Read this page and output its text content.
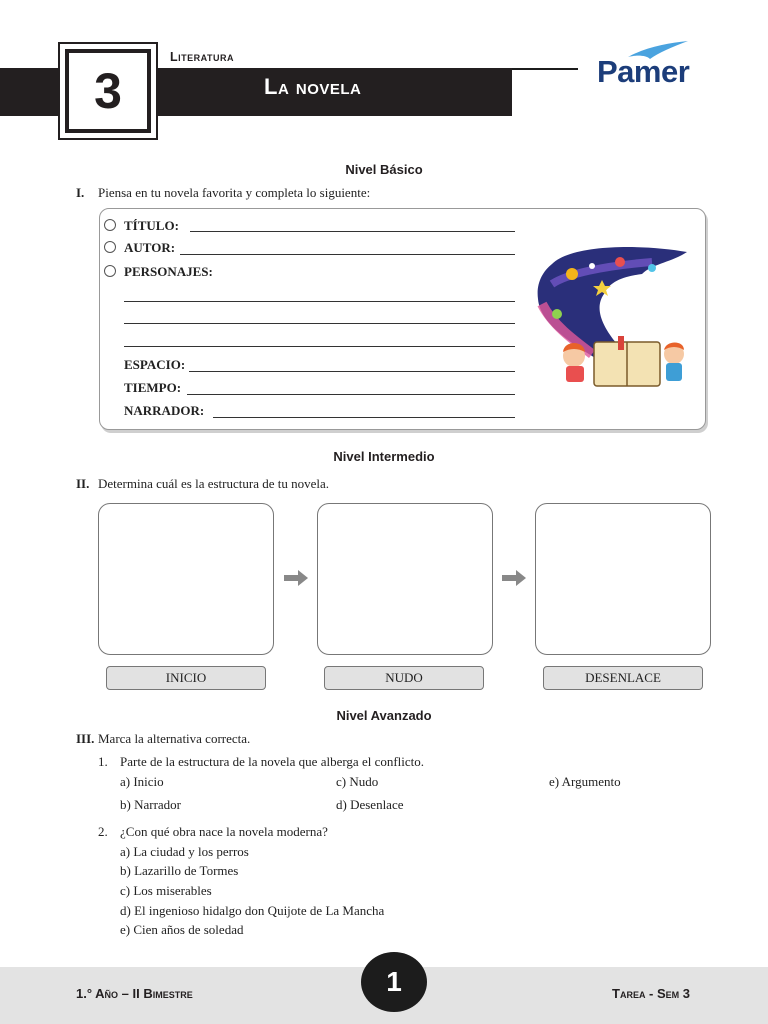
3
Literatura
La novela	Pamer
Nivel Básico
I. Piensa en tu novela favorita y completa lo siguiente:
TÍTULO:
AUTOR:
PERSONAJES:
ESPACIO:
TIEMPO:
NARRADOR:
Nivel Intermedio
II. Determina cuál es la estructura de tu novela.
INICIO	NUDO	DESENLACE
Nivel Avanzado
III. Marca la alternativa correcta.
1. Parte de la estructura de la novela que alberga el conflicto.
a) Inicio
b) Narrador
c) Nudo
d) Desenlace
e) Argumento
2. ¿Con qué obra nace la novela moderna?
a) La ciudad y los perros
b) Lazarillo de Tormes
c) Los miserables
d) El ingenioso hidalgo don Quijote de La Mancha
e) Cien años de soledad
1.° Año – II Bimestre	1	Tarea - Sem 3
